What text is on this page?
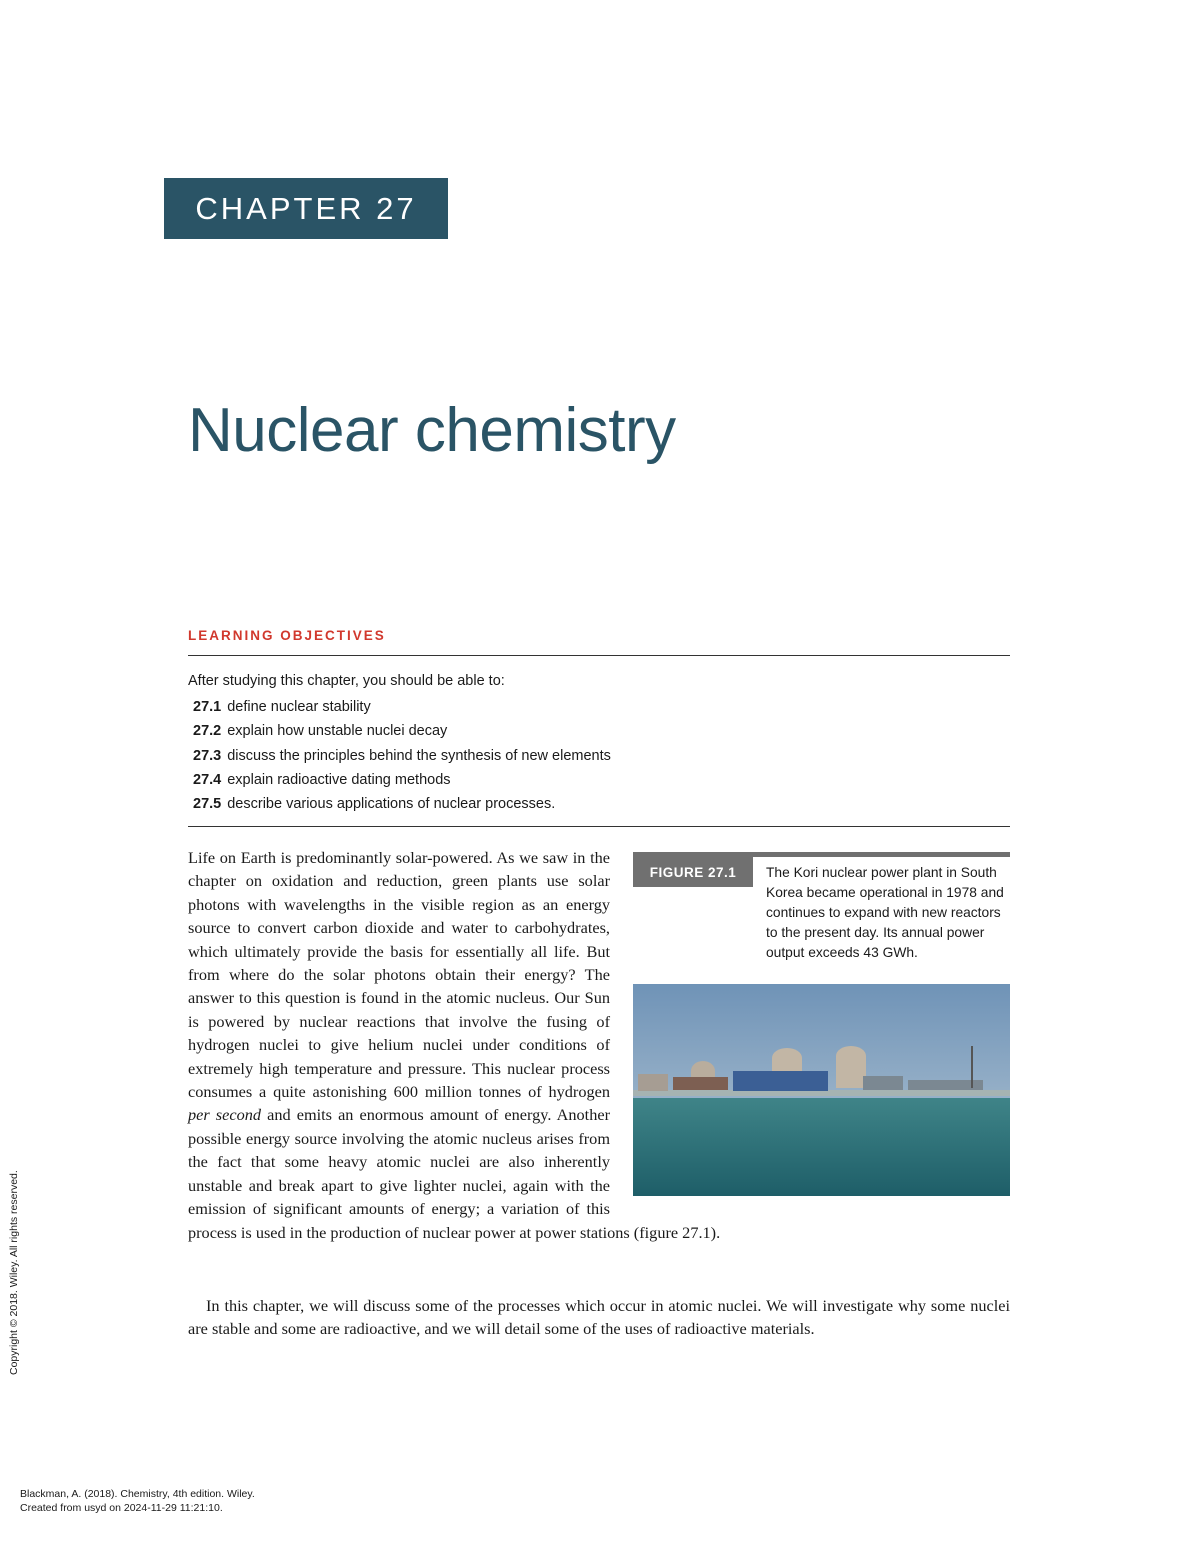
CHAPTER 27
Nuclear chemistry
LEARNING OBJECTIVES
After studying this chapter, you should be able to:
27.1 define nuclear stability
27.2 explain how unstable nuclei decay
27.3 discuss the principles behind the synthesis of new elements
27.4 explain radioactive dating methods
27.5 describe various applications of nuclear processes.

Life on Earth is predominantly solar-powered. As we saw in the chapter on oxidation and reduction, green plants use solar photons with wavelengths in the visible region as an energy source to convert carbon dioxide and water to carbohydrates, which ultimately provide the basis for essentially all life. But from where do the solar photons obtain their energy? The answer to this question is found in the atomic nucleus. Our Sun is powered by nuclear reactions that involve the fusing of hydrogen nuclei to give helium nuclei under conditions of extremely high temperature and pressure. This nuclear process consumes a quite astonishing 600 million tonnes of hydrogen per second and emits an enormous amount of energy. Another possible energy source involving the atomic nucleus arises from the fact that some heavy atomic nuclei are also inherently unstable and break apart to give lighter nuclei, again with the emission of significant amounts of energy; a variation of this process is used in the production of nuclear power at power stations (figure 27.1).

FIGURE 27.1	The Kori nuclear power plant in South Korea became operational in 1978 and continues to expand with new reactors to the present day. Its annual power output exceeds 43 GWh.

In this chapter, we will discuss some of the processes which occur in atomic nuclei. We will investigate why some nuclei are stable and some are radioactive, and we will detail some of the uses of radioactive materials.

Copyright © 2018. Wiley. All rights reserved.
Blackman, A. (2018). Chemistry, 4th edition. Wiley.
Created from usyd on 2024-11-29 11:21:10.
